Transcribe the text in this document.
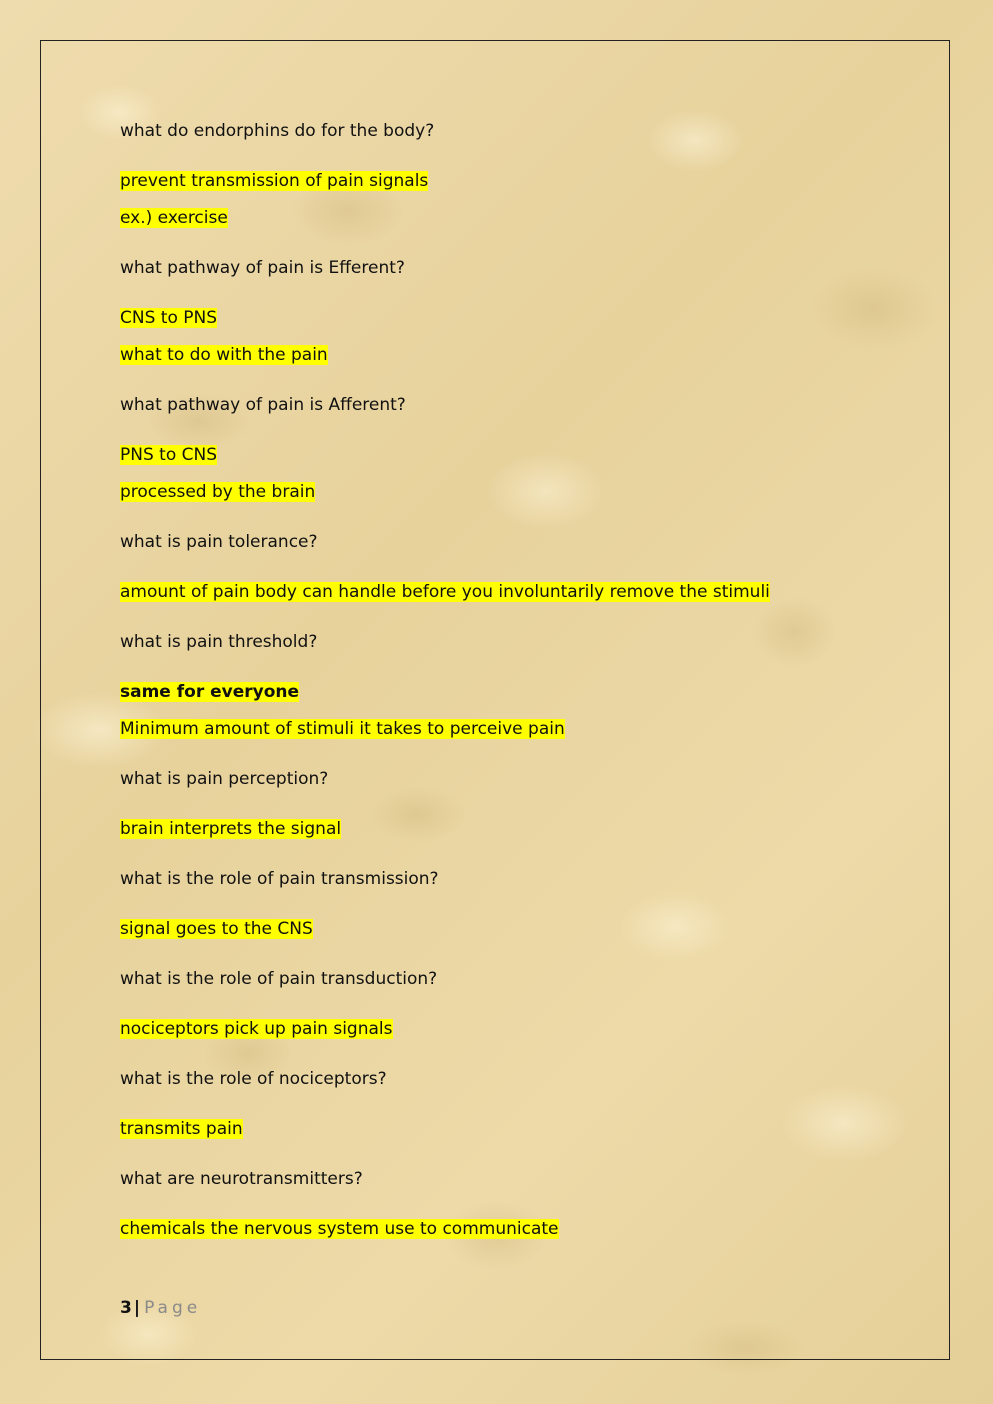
what do endorphins do for the body?
prevent transmission of pain signals
ex.) exercise
what pathway of pain is Efferent?
CNS to PNS
what to do with the pain
what pathway of pain is Afferent?
PNS to CNS
processed by the brain
what is pain tolerance?
amount of pain body can handle before you involuntarily remove the stimuli
what is pain threshold?
same for everyone
Minimum amount of stimuli it takes to perceive pain
what is pain perception?
brain interprets the signal
what is the role of pain transmission?
signal goes to the CNS
what is the role of pain transduction?
nociceptors pick up pain signals
what is the role of nociceptors?
transmits pain
what are neurotransmitters?
chemicals the nervous system use to communicate
3 | Page
